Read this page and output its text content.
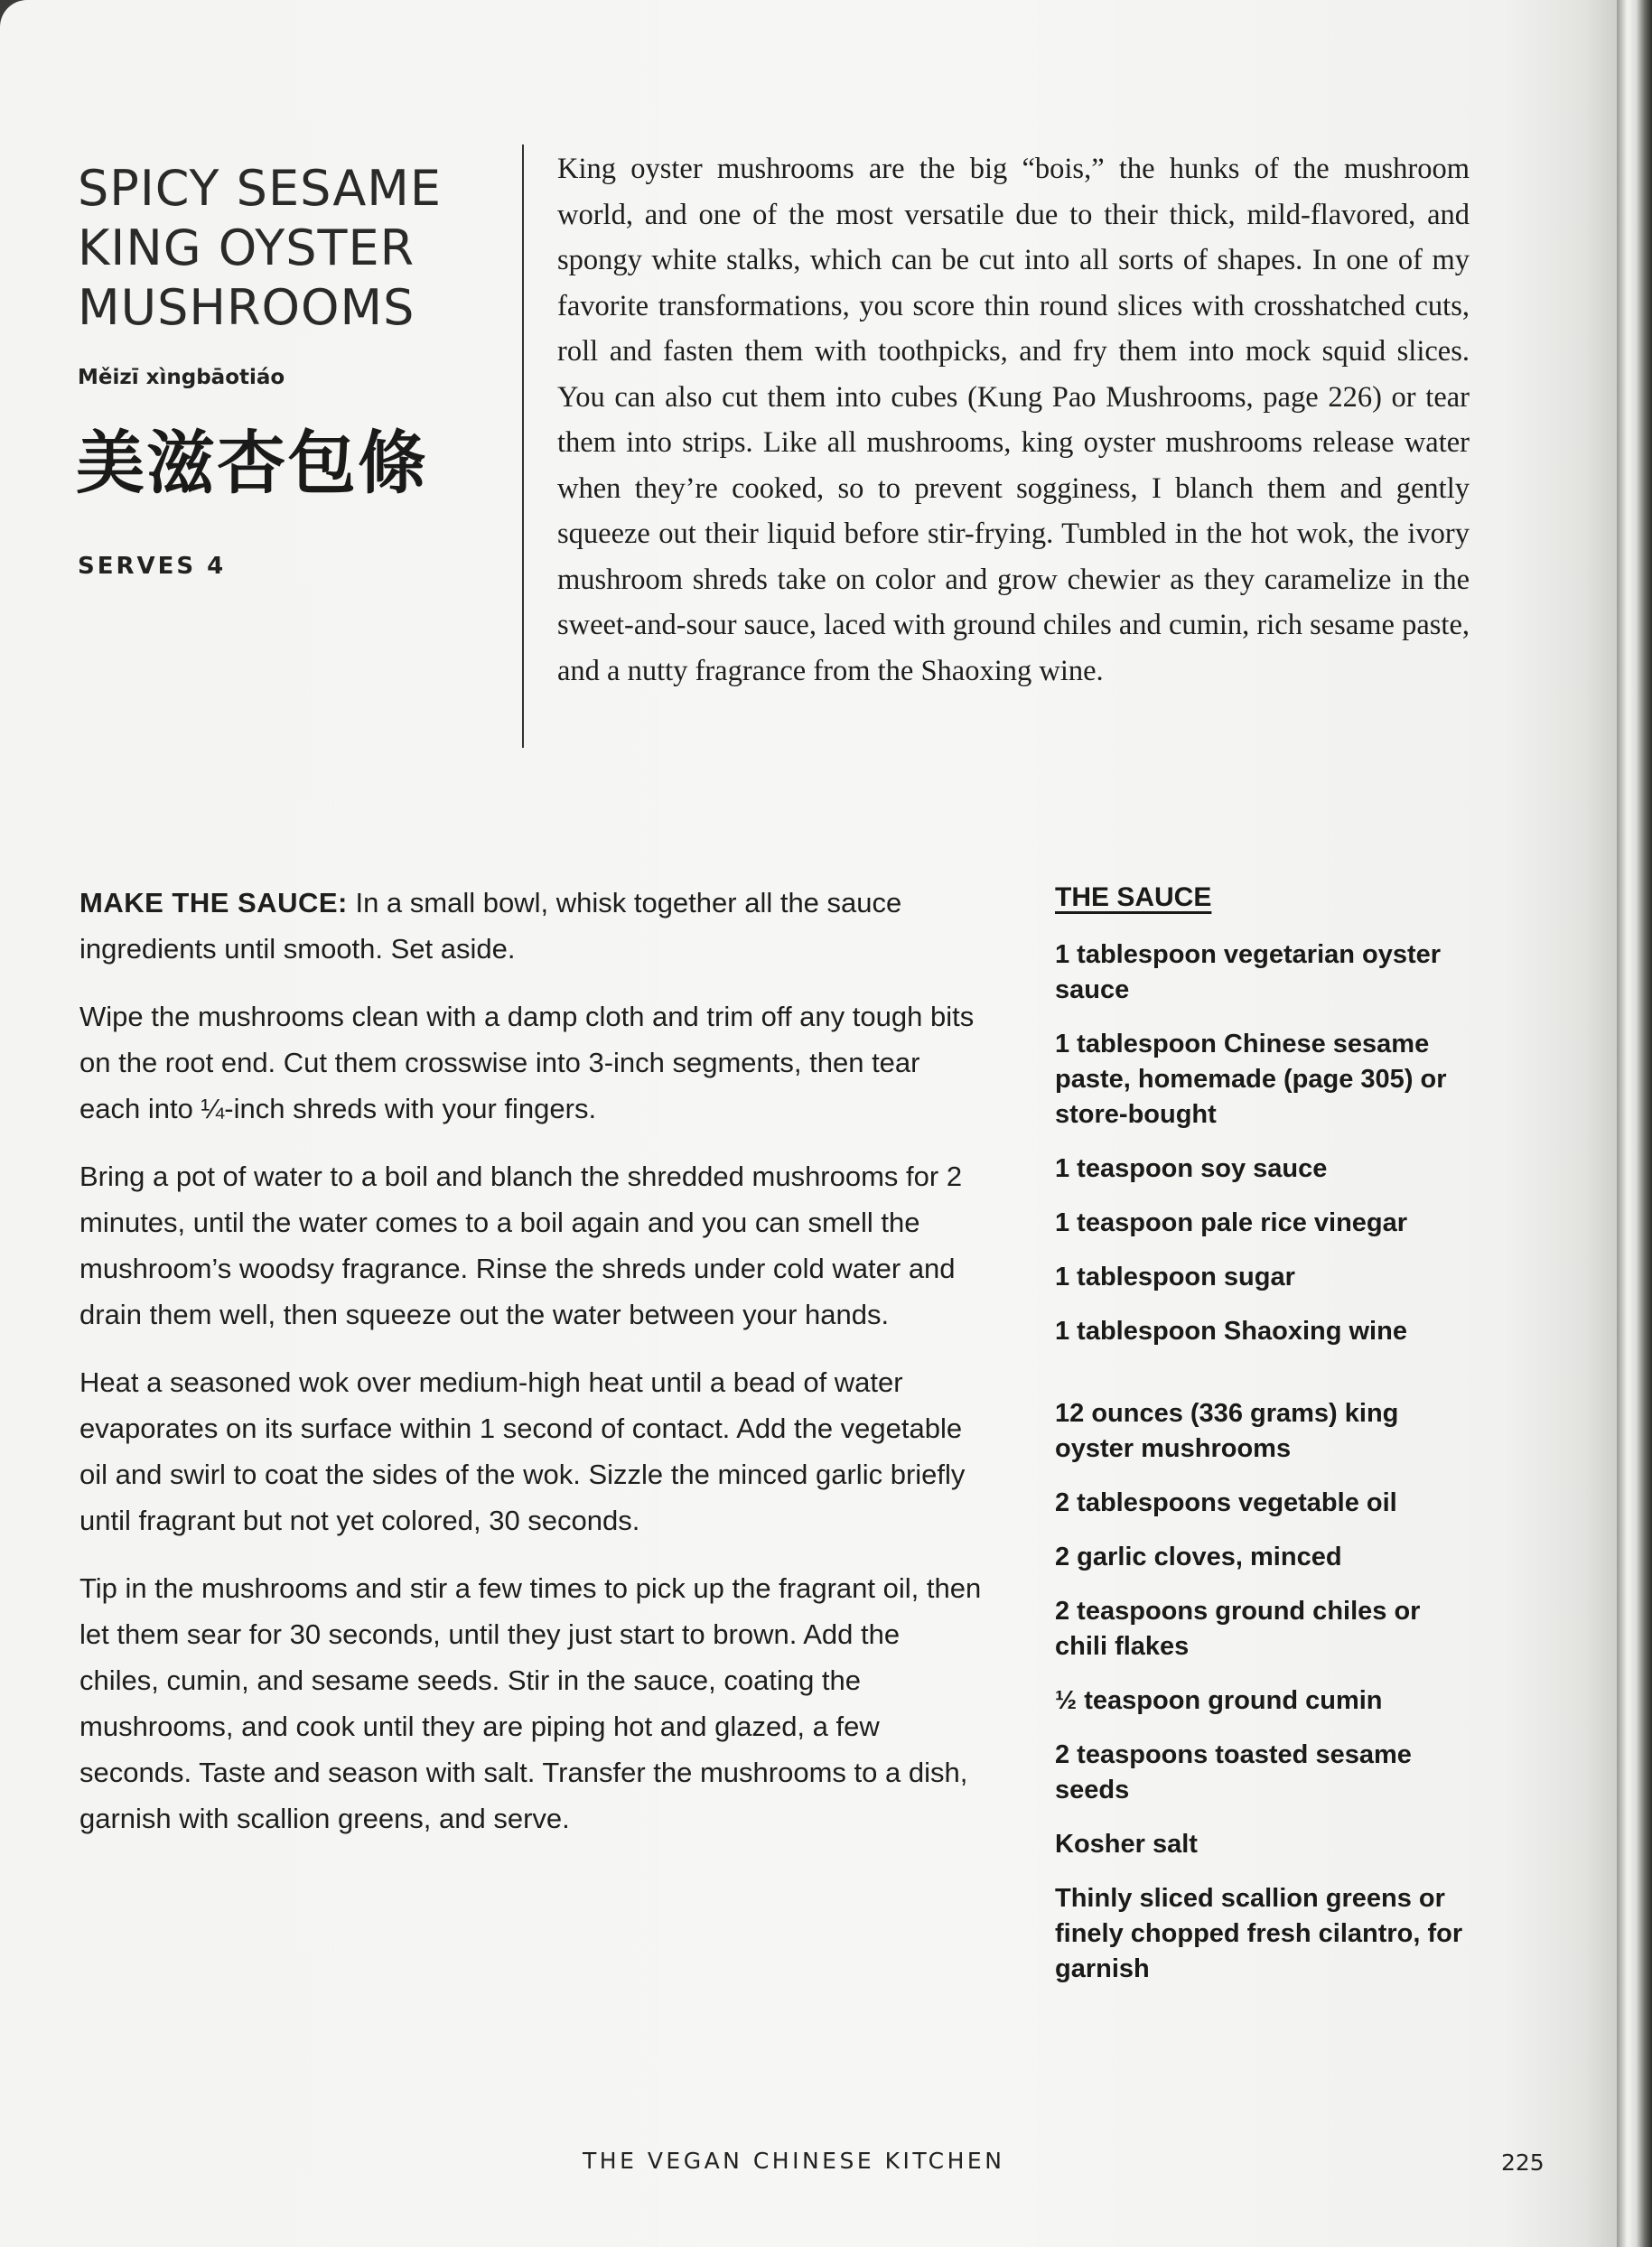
SPICY SESAME
KING OYSTER
MUSHROOMS
Měizī xìngbāotiáo
美滋杏包條
SERVES 4

King oyster mushrooms are the big “bois,” the hunks of the mushroom world, and one of the most versatile due to their thick, mild-flavored, and spongy white stalks, which can be cut into all sorts of shapes. In one of my favorite transformations, you score thin round slices with crosshatched cuts, roll and fasten them with toothpicks, and fry them into mock squid slices. You can also cut them into cubes (Kung Pao Mushrooms, page 226) or tear them into strips. Like all mushrooms, king oyster mushrooms release water when they’re cooked, so to prevent sogginess, I blanch them and gently squeeze out their liquid before stir-frying. Tumbled in the hot wok, the ivory mushroom shreds take on color and grow chewier as they caramelize in the sweet-and-sour sauce, laced with ground chiles and cumin, rich sesame paste, and a nutty fragrance from the Shaoxing wine.

MAKE THE SAUCE: In a small bowl, whisk together all the sauce ingredients until smooth. Set aside.

Wipe the mushrooms clean with a damp cloth and trim off any tough bits on the root end. Cut them crosswise into 3-inch segments, then tear each into ¼-inch shreds with your fingers.

Bring a pot of water to a boil and blanch the shredded mushrooms for 2 minutes, until the water comes to a boil again and you can smell the mushroom’s woodsy fragrance. Rinse the shreds under cold water and drain them well, then squeeze out the water between your hands.

Heat a seasoned wok over medium-high heat until a bead of water evaporates on its surface within 1 second of contact. Add the vegetable oil and swirl to coat the sides of the wok. Sizzle the minced garlic briefly until fragrant but not yet colored, 30 seconds.

Tip in the mushrooms and stir a few times to pick up the fragrant oil, then let them sear for 30 seconds, until they just start to brown. Add the chiles, cumin, and sesame seeds. Stir in the sauce, coating the mushrooms, and cook until they are piping hot and glazed, a few seconds. Taste and season with salt. Transfer the mushrooms to a dish, garnish with scallion greens, and serve.

THE SAUCE
1 tablespoon vegetarian oyster sauce
1 tablespoon Chinese sesame paste, homemade (page 305) or store-bought
1 teaspoon soy sauce
1 teaspoon pale rice vinegar
1 tablespoon sugar
1 tablespoon Shaoxing wine
12 ounces (336 grams) king oyster mushrooms
2 tablespoons vegetable oil
2 garlic cloves, minced
2 teaspoons ground chiles or chili flakes
½ teaspoon ground cumin
2 teaspoons toasted sesame seeds
Kosher salt
Thinly sliced scallion greens or finely chopped fresh cilantro, for garnish
THE VEGAN CHINESE KITCHEN	225
